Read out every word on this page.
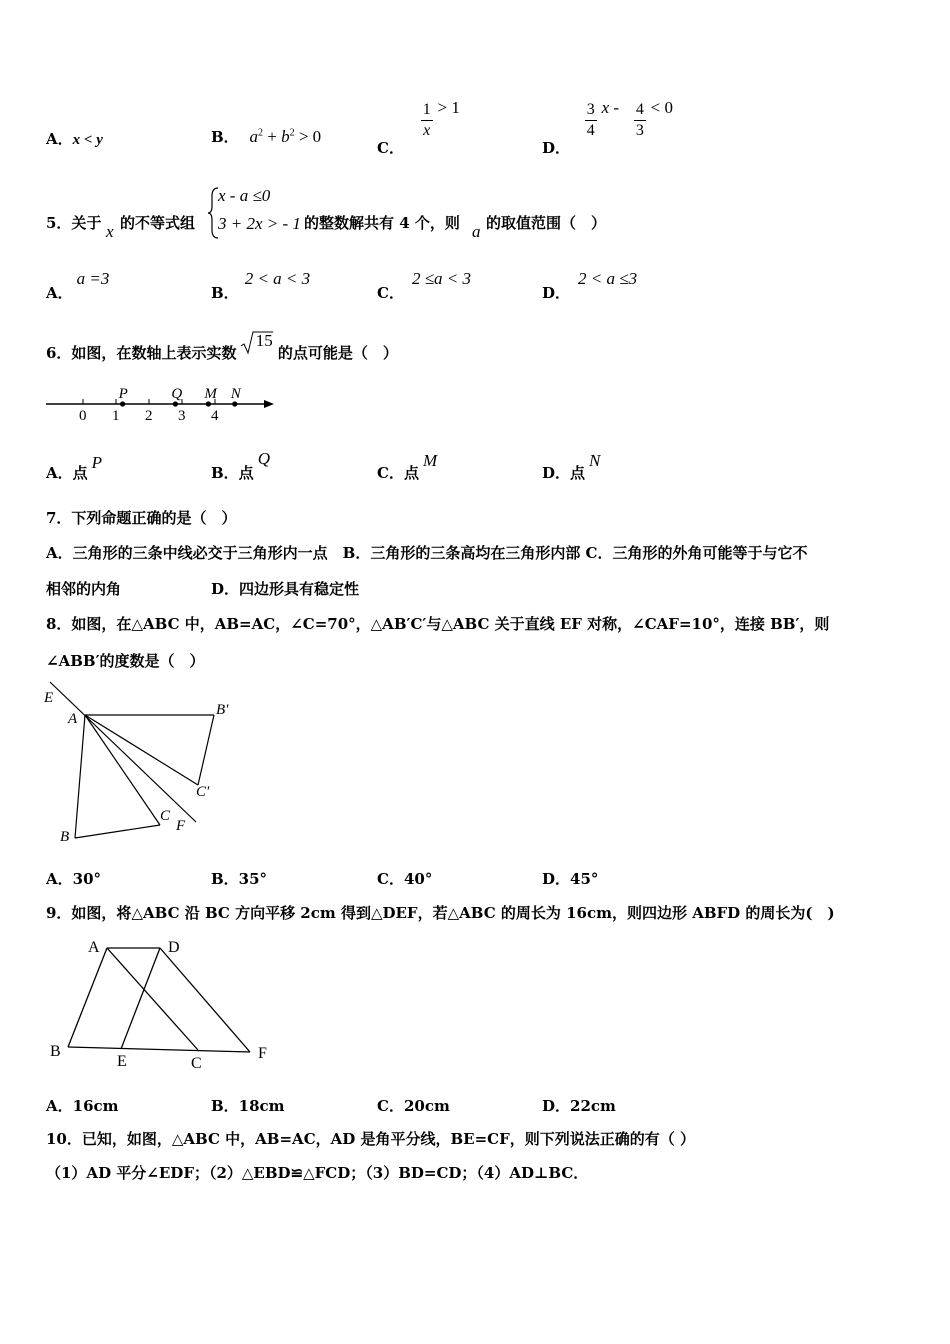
A．x < y	B． $a^2 + b^2 > 0$
C．
$\frac{1}{x} > 1$
D．
$\frac{3}{4}$ $x - \frac{4}{3} < 0$
5．关于 x 的不等式组
x - a ≤0
3 + 2x > - 1 的整数解共有 4 个，则 a 的取值范围（　）
A．a =3
B．2 < a < 3
C．2 ≤a < 3
D．2 < a ≤3
6．如图，在数轴上表示实数
15 的点可能是（　）
0 1 2 3 4
P	Q M N
A．点P
B．点Q
C．点M
D．点N
7．下列命题正确的是（　）
A．三角形的三条中线必交于三角形内一点　B．三角形的三条高均在三角形内部 C．三角形的外角可能等于与它不
相邻的内角	D．四边形具有稳定性
8．如图，在△ABC 中，AB=AC，∠C=70°，△AB′C′与△ABC 关于直线 EF 对称，∠CAF=10°，连接 BB′，则
∠ABB′的度数是（　）
E
A
B′
C′
C
F
B
A．30°	B．35°	C．40°	D．45°
9．如图，将△ABC 沿 BC 方向平移 2cm 得到△DEF，若△ABC 的周长为 16cm，则四边形 ABFD 的周长为(　)
A	D
B
E	C
F
A．16cm	B．18cm	C．20cm	D．22cm
10．已知，如图，△ABC 中，AB=AC，AD 是角平分线，BE=CF，则下列说法正确的有（ ）
（1）AD 平分∠EDF；（2）△EBD≌△FCD；（3）BD=CD；（4）AD⊥BC．
